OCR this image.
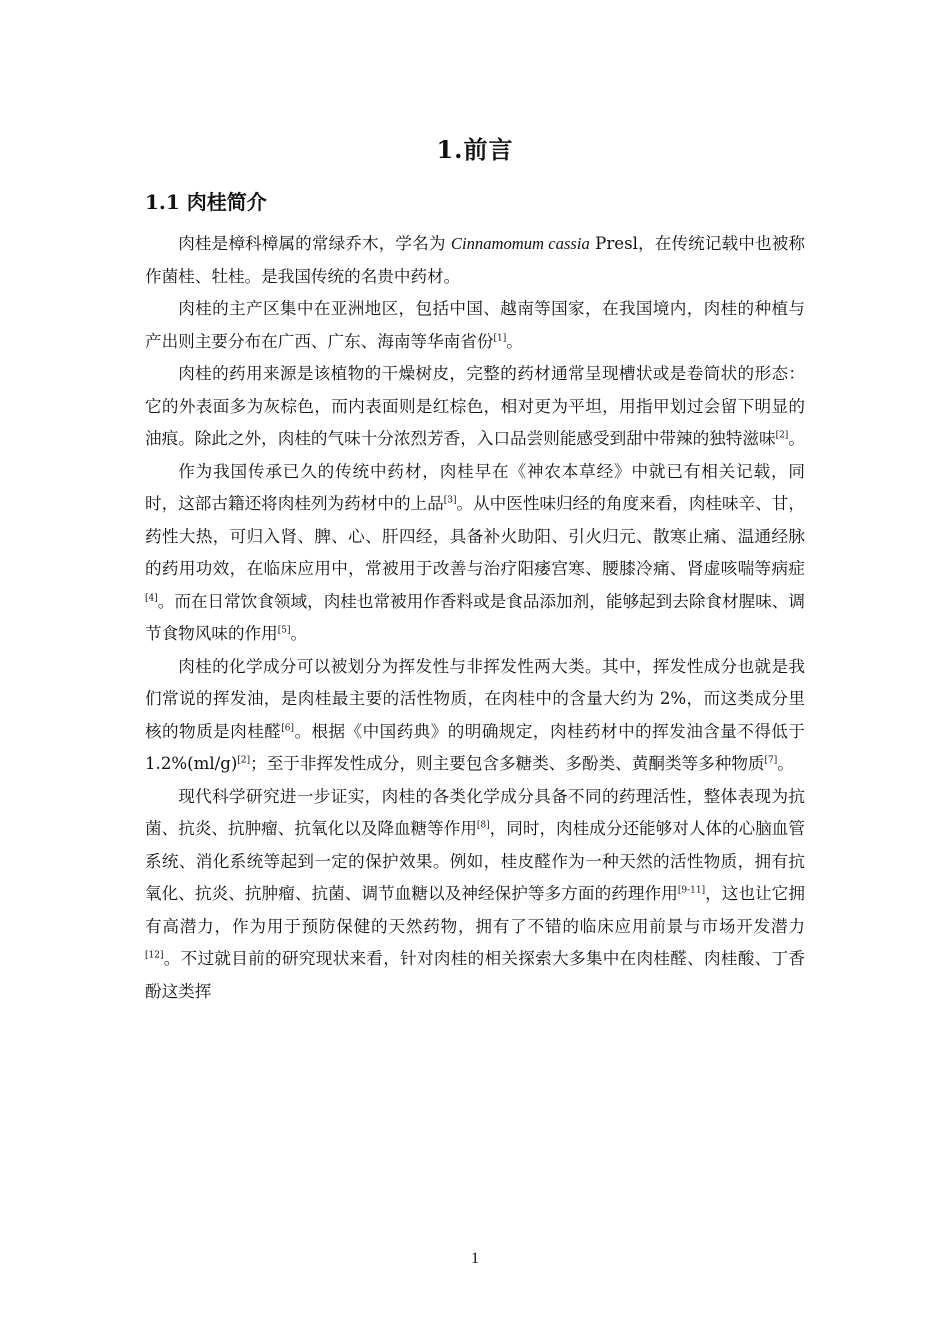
1.前言
1.1 肉桂简介

肉桂是樟科樟属的常绿乔木，学名为 Cinnamomum cassia Presl，在传统记载中也被称作菌桂、牡桂。是我国传统的名贵中药材。

肉桂的主产区集中在亚洲地区，包括中国、越南等国家，在我国境内，肉桂的种植与产出则主要分布在广西、广东、海南等华南省份[1]。

肉桂的药用来源是该植物的干燥树皮，完整的药材通常呈现槽状或是卷筒状的形态：它的外表面多为灰棕色，而内表面则是红棕色，相对更为平坦，用指甲划过会留下明显的油痕。除此之外，肉桂的气味十分浓烈芳香，入口品尝则能感受到甜中带辣的独特滋味[2]。

作为我国传承已久的传统中药材，肉桂早在《神农本草经》中就已有相关记载，同时，这部古籍还将肉桂列为药材中的上品[3]。从中医性味归经的角度来看，肉桂味辛、甘，药性大热，可归入肾、脾、心、肝四经，具备补火助阳、引火归元、散寒止痛、温通经脉的药用功效，在临床应用中，常被用于改善与治疗阳痿宫寒、腰膝冷痛、肾虚咳喘等病症[4]。而在日常饮食领域，肉桂也常被用作香料或是食品添加剂，能够起到去除食材腥味、调节食物风味的作用[5]。

肉桂的化学成分可以被划分为挥发性与非挥发性两大类。其中，挥发性成分也就是我们常说的挥发油，是肉桂最主要的活性物质，在肉桂中的含量大约为 2%，而这类成分里核的物质是肉桂醛[6]。根据《中国药典》的明确规定，肉桂药材中的挥发油含量不得低于 1.2%(ml/g)[2]；至于非挥发性成分，则主要包含多糖类、多酚类、黄酮类等多种物质[7]。

现代科学研究进一步证实，肉桂的各类化学成分具备不同的药理活性，整体表现为抗菌、抗炎、抗肿瘤、抗氧化以及降血糖等作用[8]，同时，肉桂成分还能够对人体的心脑血管系统、消化系统等起到一定的保护效果。例如，桂皮醛作为一种天然的活性物质，拥有抗氧化、抗炎、抗肿瘤、抗菌、调节血糖以及神经保护等多方面的药理作用[9-11]，这也让它拥有高潜力，作为用于预防保健的天然药物，拥有了不错的临床应用前景与市场开发潜力[12]。不过就目前的研究现状来看，针对肉桂的相关探索大多集中在肉桂醛、肉桂酸、丁香酚这类挥

1
